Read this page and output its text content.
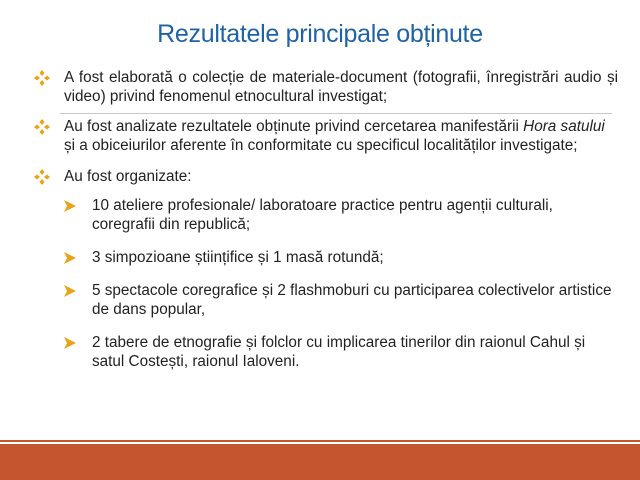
Rezultatele principale obținute
A fost elaborată o colecție de materiale-document (fotografii, înregistrări audio și video) privind fenomenul etnocultural investigat;
Au fost analizate rezultatele obținute privind cercetarea manifestării Hora satului și a obiceiurilor aferente în conformitate cu specificul localităților investigate;
Au fost organizate:
10 ateliere profesionale/ laboratoare practice pentru agenții culturali, coregrafii din republică;
3 simpozioane științifice și 1 masă rotundă;
5 spectacole coregrafice și 2 flashmoburi cu participarea colectivelor artistice de dans popular,
2 tabere de etnografie și folclor cu implicarea tinerilor din raionul Cahul și satul Costești, raionul Ialoveni.
